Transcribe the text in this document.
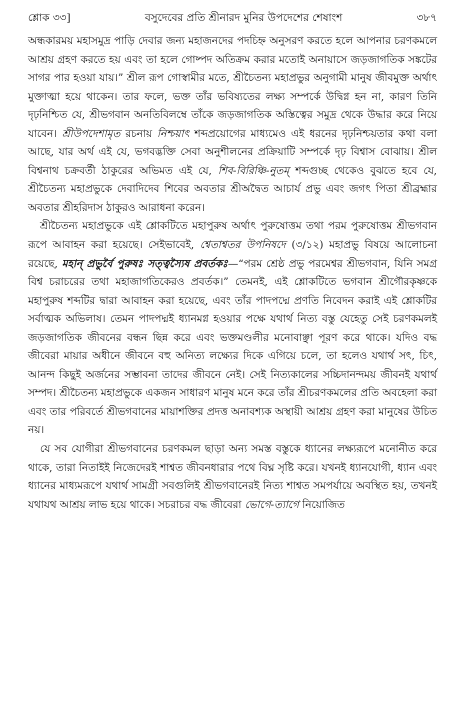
শ্লোক ৩৩]	বসুদেবের প্রতি শ্রীনারদ মুনির উপদেশের শেষাংশ	৩৮৭

অন্ধকারময় মহাসমুদ্র পাড়ি দেবার জন্য মহাজনদের পদচিহ্ন অনুসরণ করতে হলে আপনার চরণকমলে আশ্রয় গ্রহণ করতে হয় এবং তা হলে গোষ্পদ অতিক্রম করার মতোই অনায়াসে জড়জাগতিক সঙ্কটের সাগর পার হওয়া যায়।” শ্রীল রূপ গোস্বামীর মতে, শ্রীচৈতন্য মহাপ্রভুর অনুগামী মানুষ জীবমুক্ত অর্থাৎ মুক্তাত্মা হয়ে থাকেন। তার ফলে, ভক্ত তাঁর ভবিষ্যতের লক্ষ্য সম্পর্কে উদ্বিগ্ন হন না, কারণ তিনি দৃঢ়নিশ্চিত যে, শ্রীভগবান অনতিবিলম্বে তাঁকে জড়জাগতিক অস্তিত্বের সমুদ্র থেকে উদ্ধার করে নিয়ে যাবেন। শ্রীউপদেশামৃত রচনায় নিশ্চয়াৎ শব্দপ্রয়োগের মাধ্যমেও এই ধরনের দৃঢ়নিশ্চয়তার কথা বলা আছে, যার অর্থ এই যে, ভগবদ্ভক্তি সেবা অনুশীলনের প্রক্রিয়াটি সম্পর্কে দৃঢ় বিশ্বাস বোঝায়। শ্রীল বিশ্বনাথ চক্রবর্তী ঠাকুরের অভিমত এই যে, শিব-বিরিঞ্চি-নুতম্ শব্দগুচ্ছ থেকেও বুঝতে হবে যে, শ্রীচৈতন্য মহাপ্রভুকে দেবাদিদেব শিবের অবতার শ্রীঅদ্বৈত আচার্য প্রভু এবং জগৎ পিতা শ্রীব্রহ্মার অবতার শ্রীহরিদাস ঠাকুরও আরাধনা করেন।

শ্রীচৈতন্য মহাপ্রভুকে এই শ্লোকটিতে মহাপুরুষ অর্থাৎ পুরুষোত্তম তথা পরম পুরুষোত্তম শ্রীভগবান রূপে আবাহন করা হয়েছে। সেইভাবেই, শ্বেতাশ্বতর উপনিষদে (৩/১২) মহাপ্রভু বিষয়ে আলোচনা রয়েছে, মহান্ প্রভুর্বৈ পুরুষঃ সত্ত্বস্যৈষ প্রবর্তকঃ—“পরম শ্রেষ্ঠ প্রভু পরমেশ্বর শ্রীভগবান, যিনি সমগ্র বিশ্ব চরাচরের তথা মহাজাগতিকেরও প্রবর্তক।” তেমনই, এই শ্লোকটিতে ভগবান শ্রীগৌরকৃষ্ণকে মহাপুরুষ শব্দটির দ্বারা আবাহন করা হয়েছে, এবং তাঁর পাদপদ্মে প্রণতি নিবেদন করাই এই শ্লোকটির সর্বাত্মক অভিলাষ। তেমন পাদপদ্মই ধ্যানমগ্ন হওয়ার পক্ষে যথার্থ নিত্য বস্তু যেহেতু সেই চরণকমলই জড়জাগতিক জীবনের বন্ধন ছিন্ন করে এবং ভক্তমণ্ডলীর মনোবাঞ্ছা পূরণ করে থাকে। যদিও বদ্ধ জীবেরা মায়ার অধীনে জীবনে বহু অনিত্য লক্ষ্যের দিকে এগিয়ে চলে, তা হলেও যথার্থ সৎ, চিৎ, আনন্দ কিছুই অর্জনের সম্ভাবনা তাদের জীবনে নেই। সেই নিত্যকালের সচ্চিদানন্দময় জীবনই যথার্থ সম্পদ। শ্রীচৈতন্য মহাপ্রভুকে একজন সাধারণ মানুষ মনে করে তাঁর শ্রীচরণকমলের প্রতি অবহেলা করা এবং তার পরিবর্তে শ্রীভগবানের মায়াশক্তির প্রদত্ত অনাবশ্যক অস্থায়ী আশ্রয় গ্রহণ করা মানুষের উচিত নয়।

যে সব যোগীরা শ্রীভগবানের চরণকমল ছাড়া অন্য সমস্ত বস্তুকে ধ্যানের লক্ষ্যরূপে মনোনীত করে থাকে, তারা নিতাইই নিজেদেরই শাশ্বত জীবনধারার পথে বিঘ্ন সৃষ্টি করে। যখনই ধ্যানযোগী, ধ্যান এবং ধ্যানের মাধ্যমরূপে যথার্থ সামগ্রী সবগুলিই শ্রীভগবানেরই নিত্য শাশ্বত সমপর্যায়ে অবস্থিত হয়, তখনই যথাযথ আশ্রয় লাভ হয়ে থাকে। সচরাচর বদ্ধ জীবেরা ভোগে-ত্যাগে নিয়োজিত
